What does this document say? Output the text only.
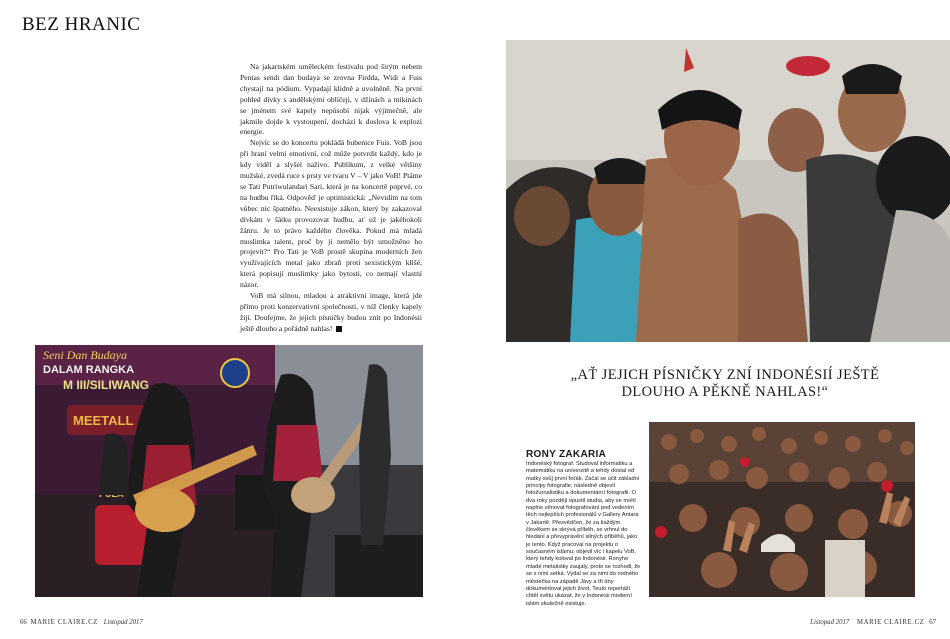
BEZ HRANIC

Na jakartském uměleckém festivalu pod širým nebem Pentas sendi dan budaya se zrovna Firdda, Widi a Fuis chystají na pódium. Vypadají klidně a uvolněně. Na první pohled dívky s andělskými obličeji, v džínách a mikinách se jménem své kapely nepůsobí nijak výjimečně, ale jakmile dojde k vystoupení, dochází k doslova k explozi energie.

Nejvíc se do koncertu pokládá bubenice Fuis. VoB jsou při hraní velmi emotivní, což může potvrdit každý, kdo je kdy viděl a slyšel naživo. Publikum, z velké většiny mužské, zvedá ruce s prsty ve tvaru V – V jako VoB! Ptáme se Tati Putriwulandari Sari, která je na koncertě poprvé, co na hudbu říká. Odpověď je optimistická: „Nevidím na tom vůbec nic špatného. Neexistuje zákon, který by zakazoval dívkám v šátku provozovat hudbu, ať už je jakéhokoli žánru. Je to právo každého člověka. Pokud má mladá muslimka talent, proč by jí nemělo být umožněno ho projevit?“ Pro Tati je VoB prostě skupina moderních žen využívajících metal jako zbraň proti sexistickým klišé, která popisují muslimky jako bytosti, co nemají vlastní názor.

VoB má silnou, mladou a atraktivní image, která jde přímo proti konzervativní společnosti, v níž členky kapely žijí. Doufejme, že jejich písničky budou znít po Indonésii ještě dlouho a pořádně nahlas!

Seni Dan Budaya
DALAM RANGKA
M III/SILIWANG
MEETALL
„AŤ JEJICH PÍSNIČKY ZNÍ INDONÉSIÍ JEŠTĚ DLOUHO A PĚKNĚ NAHLAS!“
RONY ZAKARIA
Indonéský fotograf. Studoval informatiku a matematiku na univerzitě a tehdy dostal od matky svůj první foťák. Začal se učit základní principy fotografie, následně objevil fotožurnalistiku a dokumentární fotografii. O dva roky později opustil studia, aby se mohl naplno věnovat fotografování pod vedením těch nejlepších profesionálů v Gallery Antara v Jakartě. Přesvědčen, že za každým člověkem se skrývá příběh, se vrhnul do hledání a převyprávění silných příběhů, jako je tento. Když pracoval na projektu o současném islámu, objevil víc i kapelu VoB, který tehdy koloval po Indonésii. Ronyho mladé metalistky zaujaly, proto se rozhodl, že se s nimi setká. Vydal se za nimi do rodného městečka na západě Jávy a tři dny dokumentoval jejich život. Touto reportáží chtěl světu ukázat, že v Indonésii moderní islám skutečně existuje.
66 MARIE CLAIRE.CZ Listopad 2017	Listopad 2017 MARIE CLAIRE.CZ 67
